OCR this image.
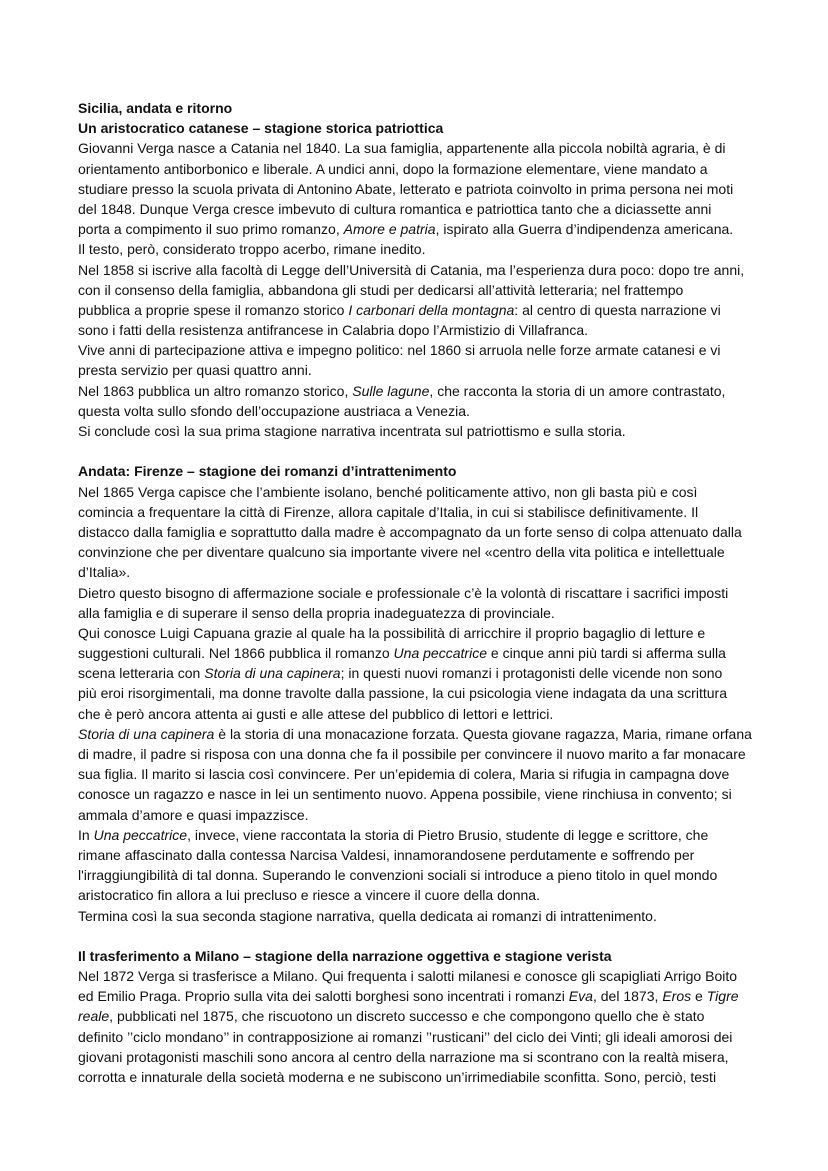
Sicilia, andata e ritorno
Un aristocratico catanese – stagione storica patriottica
Giovanni Verga nasce a Catania nel 1840. La sua famiglia, appartenente alla piccola nobiltà agraria, è di
orientamento antiborbonico e liberale. A undici anni, dopo la formazione elementare, viene mandato a
studiare presso la scuola privata di Antonino Abate, letterato e patriota coinvolto in prima persona nei moti
del 1848. Dunque Verga cresce imbevuto di cultura romantica e patriottica tanto che a diciassette anni
porta a compimento il suo primo romanzo, Amore e patria, ispirato alla Guerra d’indipendenza americana.
Il testo, però, considerato troppo acerbo, rimane inedito.
Nel 1858 si iscrive alla facoltà di Legge dell’Università di Catania, ma l’esperienza dura poco: dopo tre anni,
con il consenso della famiglia, abbandona gli studi per dedicarsi all’attività letteraria; nel frattempo
pubblica a proprie spese il romanzo storico I carbonari della montagna: al centro di questa narrazione vi
sono i fatti della resistenza antifrancese in Calabria dopo l’Armistizio di Villafranca.
Vive anni di partecipazione attiva e impegno politico: nel 1860 si arruola nelle forze armate catanesi e vi
presta servizio per quasi quattro anni.
Nel 1863 pubblica un altro romanzo storico, Sulle lagune, che racconta la storia di un amore contrastato,
questa volta sullo sfondo dell’occupazione austriaca a Venezia.
Si conclude così la sua prima stagione narrativa incentrata sul patriottismo e sulla storia.
Andata: Firenze – stagione dei romanzi d’intrattenimento
Nel 1865 Verga capisce che l’ambiente isolano, benché politicamente attivo, non gli basta più e così
comincia a frequentare la città di Firenze, allora capitale d’Italia, in cui si stabilisce definitivamente. Il
distacco dalla famiglia e soprattutto dalla madre è accompagnato da un forte senso di colpa attenuato dalla
convinzione che per diventare qualcuno sia importante vivere nel «centro della vita politica e intellettuale
d’Italia».
Dietro questo bisogno di affermazione sociale e professionale c’è la volontà di riscattare i sacrifici imposti
alla famiglia e di superare il senso della propria inadeguatezza di provinciale.
Qui conosce Luigi Capuana grazie al quale ha la possibilità di arricchire il proprio bagaglio di letture e
suggestioni culturali. Nel 1866 pubblica il romanzo Una peccatrice e cinque anni più tardi si afferma sulla
scena letteraria con Storia di una capinera; in questi nuovi romanzi i protagonisti delle vicende non sono
più eroi risorgimentali, ma donne travolte dalla passione, la cui psicologia viene indagata da una scrittura
che è però ancora attenta ai gusti e alle attese del pubblico di lettori e lettrici.
Storia di una capinera è la storia di una monacazione forzata. Questa giovane ragazza, Maria, rimane orfana
di madre, il padre si risposa con una donna che fa il possibile per convincere il nuovo marito a far monacare
sua figlia. Il marito si lascia così convincere. Per un’epidemia di colera, Maria si rifugia in campagna dove
conosce un ragazzo e nasce in lei un sentimento nuovo. Appena possibile, viene rinchiusa in convento; si
ammala d’amore e quasi impazzisce.
In Una peccatrice, invece, viene raccontata la storia di Pietro Brusio, studente di legge e scrittore, che
rimane affascinato dalla contessa Narcisa Valdesi, innamorandosene perdutamente e soffrendo per
l'irraggiungibilità di tal donna. Superando le convenzioni sociali si introduce a pieno titolo in quel mondo
aristocratico fin allora a lui precluso e riesce a vincere il cuore della donna.
Termina così la sua seconda stagione narrativa, quella dedicata ai romanzi di intrattenimento.
Il trasferimento a Milano – stagione della narrazione oggettiva e stagione verista
Nel 1872 Verga si trasferisce a Milano. Qui frequenta i salotti milanesi e conosce gli scapigliati Arrigo Boito
ed Emilio Praga. Proprio sulla vita dei salotti borghesi sono incentrati i romanzi Eva, del 1873, Eros e Tigre
reale, pubblicati nel 1875, che riscuotono un discreto successo e che compongono quello che è stato
definito ’’ciclo mondano’’ in contrapposizione ai romanzi ’’rusticani’’ del ciclo dei Vinti; gli ideali amorosi dei
giovani protagonisti maschili sono ancora al centro della narrazione ma si scontrano con la realtà misera,
corrotta e innaturale della società moderna e ne subiscono un’irrimediabile sconfitta. Sono, perciò, testi
